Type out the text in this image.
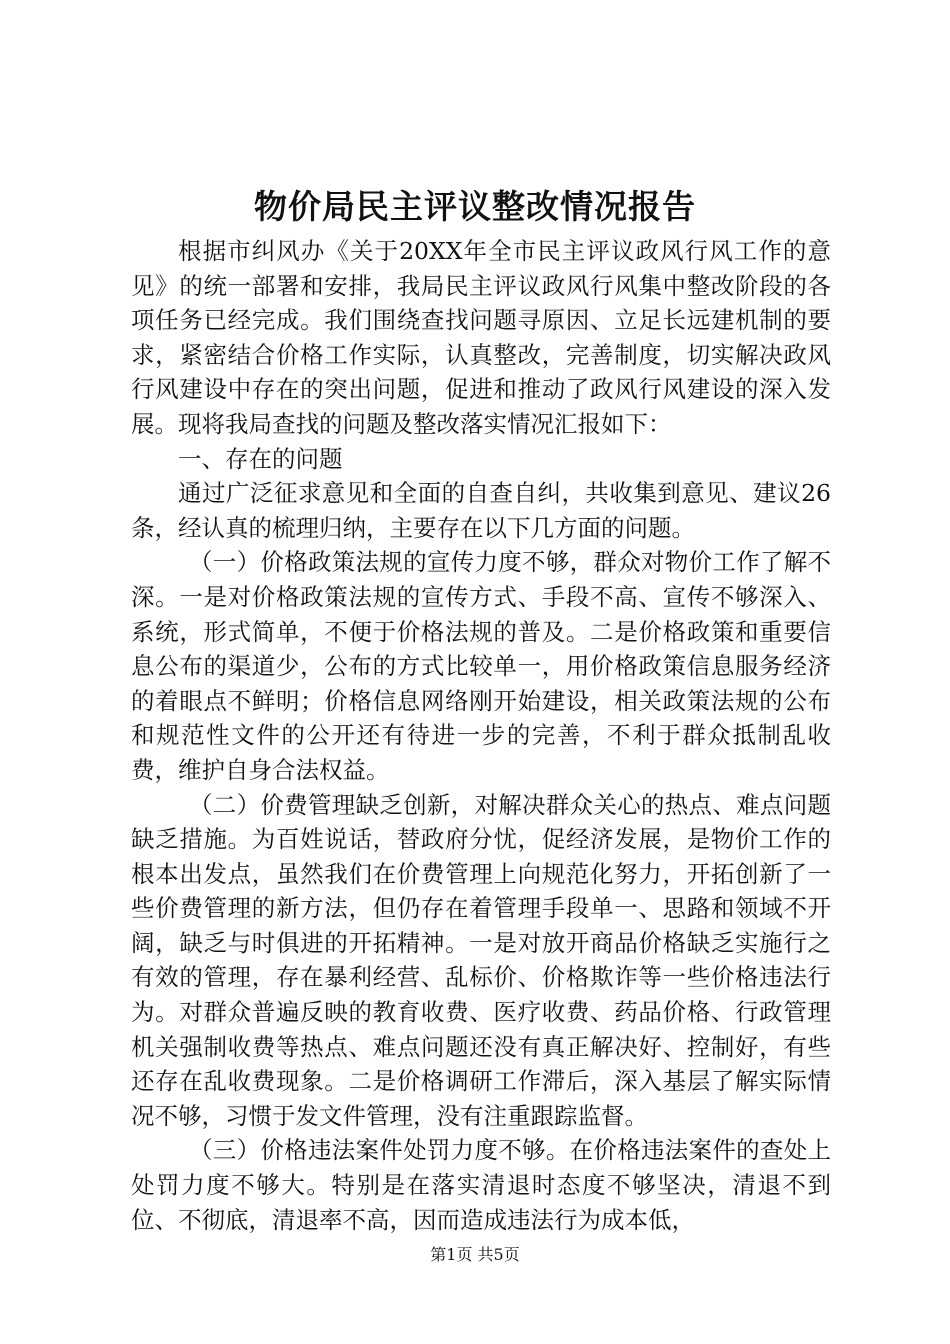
物价局民主评议整改情况报告

根据市纠风办《关于20XX年全市民主评议政风行风工作的意见》的统一部署和安排，我局民主评议政风行风集中整改阶段的各项任务已经完成。我们围绕查找问题寻原因、立足长远建机制的要求，紧密结合价格工作实际，认真整改，完善制度，切实解决政风行风建设中存在的突出问题，促进和推动了政风行风建设的深入发展。现将我局查找的问题及整改落实情况汇报如下：

一、存在的问题

通过广泛征求意见和全面的自查自纠，共收集到意见、建议26条，经认真的梳理归纳，主要存在以下几方面的问题。

（一）价格政策法规的宣传力度不够，群众对物价工作了解不深。一是对价格政策法规的宣传方式、手段不高、宣传不够深入、系统，形式简单，不便于价格法规的普及。二是价格政策和重要信息公布的渠道少，公布的方式比较单一，用价格政策信息服务经济的着眼点不鲜明；价格信息网络刚开始建设，相关政策法规的公布和规范性文件的公开还有待进一步的完善，不利于群众抵制乱收费，维护自身合法权益。

（二）价费管理缺乏创新，对解决群众关心的热点、难点问题缺乏措施。为百姓说话，替政府分忧，促经济发展，是物价工作的根本出发点，虽然我们在价费管理上向规范化努力，开拓创新了一些价费管理的新方法，但仍存在着管理手段单一、思路和领域不开阔，缺乏与时俱进的开拓精神。一是对放开商品价格缺乏实施行之有效的管理，存在暴利经营、乱标价、价格欺诈等一些价格违法行为。对群众普遍反映的教育收费、医疗收费、药品价格、行政管理机关强制收费等热点、难点问题还没有真正解决好、控制好，有些还存在乱收费现象。二是价格调研工作滞后，深入基层了解实际情况不够，习惯于发文件管理，没有注重跟踪监督。

（三）价格违法案件处罚力度不够。在价格违法案件的查处上处罚力度不够大。特别是在落实清退时态度不够坚决，清退不到位、不彻底，清退率不高，因而造成违法行为成本低，

第1页 共5页
